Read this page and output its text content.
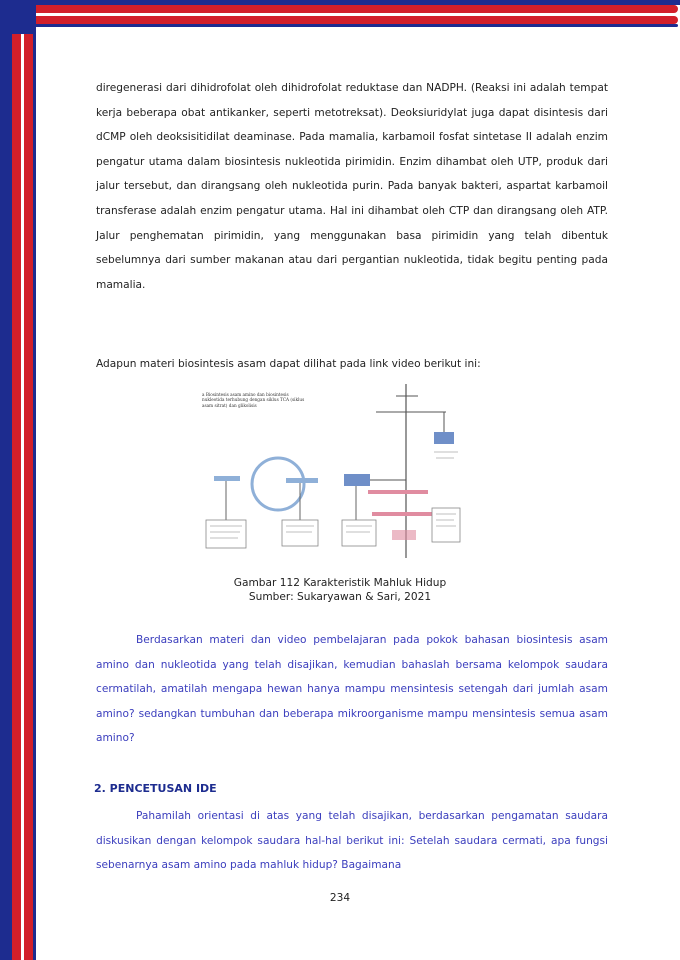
diregenerasi dari dihidrofolat oleh dihidrofolat reduktase dan NADPH. (Reaksi ini adalah tempat kerja beberapa obat antikanker, seperti metotreksat). Deoksiuridylat juga dapat disintesis dari dCMP oleh deoksisitidilat deaminase. Pada mamalia, karbamoil fosfat sintetase II adalah enzim pengatur utama dalam biosintesis nukleotida pirimidin. Enzim dihambat oleh UTP, produk dari jalur tersebut, dan dirangsang oleh nukleotida purin. Pada banyak bakteri, aspartat karbamoil transferase adalah enzim pengatur utama. Hal ini dihambat oleh CTP dan dirangsang oleh ATP. Jalur penghematan pirimidin, yang menggunakan basa pirimidin yang telah dibentuk sebelumnya dari sumber makanan atau dari pergantian nukleotida, tidak begitu penting pada mamalia.

Adapun materi biosintesis asam dapat dilihat pada link video berikut ini:

a Biosintesis asam amino dan biosintesis nukleotida terhubung dengan siklus TCA (siklus asam sitrat) dan glikolisis
Gambar 112 Karakteristik Mahluk Hidup
Sumber: Sukaryawan & Sari, 2021

Berdasarkan materi dan video pembelajaran pada pokok bahasan biosintesis asam amino dan nukleotida yang telah disajikan, kemudian bahaslah bersama kelompok saudara cermatilah, amatilah mengapa hewan hanya mampu mensintesis setengah dari jumlah asam amino? sedangkan tumbuhan dan beberapa mikroorganisme mampu mensintesis semua asam amino?

2. PENCETUSAN IDE

Pahamilah orientasi di atas yang telah disajikan, berdasarkan pengamatan saudara diskusikan dengan kelompok saudara hal-hal berikut ini: Setelah saudara cermati, apa fungsi sebenarnya asam amino pada mahluk hidup? Bagaimana

234
